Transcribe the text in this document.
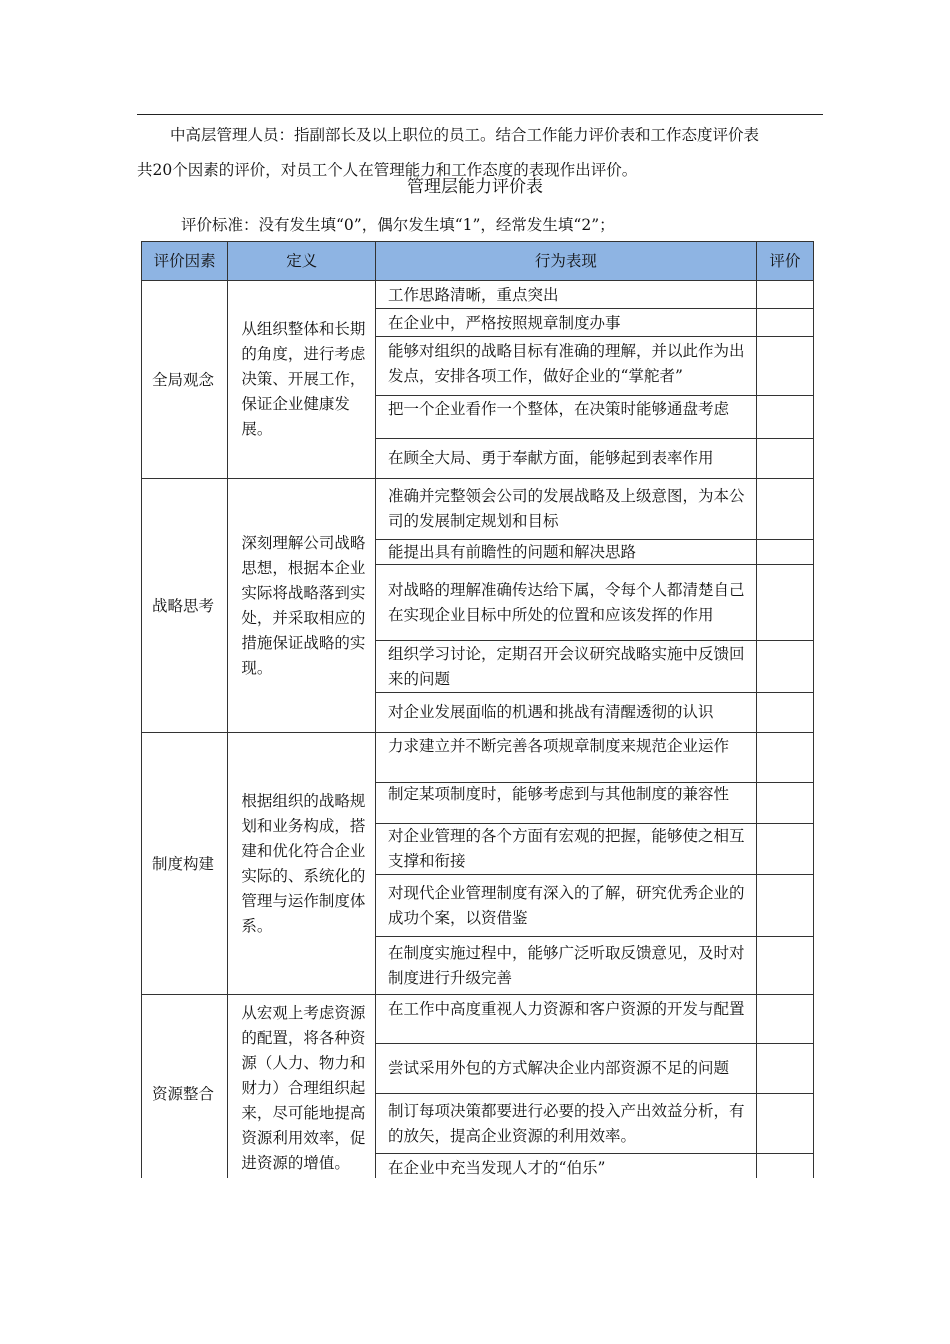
中高层管理人员：指副部长及以上职位的员工。结合工作能力评价表和工作态度评价表

共20个因素的评价，对员工个人在管理能力和工作态度的表现作出评价。

管理层能力评价表
评价标准：没有发生填“0”，偶尔发生填“1”，经常发生填“2”；
评价因素	定义	行为表现	评价
全局观念	从组织整体和长期的角度，进行考虑决策、开展工作，保证企业健康发展。	工作思路清晰，重点突出	
		在企业中，严格按照规章制度办事	

		能够对组织的战略目标有准确的理解，并以此作为出发点，安排各项工作，做好企业的“掌舵者”	

		把一个企业看作一个整体，在决策时能够通盘考虑	

		在顾全大局、勇于奉献方面，能够起到表率作用	
战略思考	深刻理解公司战略思想，根据本企业实际将战略落到实处，并采取相应的措施保证战略的实现。	准确并完整领会公司的发展战略及上级意图，为本公司的发展制定规划和目标	
		能提出具有前瞻性的问题和解决思路	
		对战略的理解准确传达给下属，令每个人都清楚自己在实现企业目标中所处的位置和应该发挥的作用	
		组织学习讨论，定期召开会议研究战略实施中反馈回来的问题	
		对企业发展面临的机遇和挑战有清醒透彻的认识	
制度构建	根据组织的战略规划和业务构成，搭建和优化符合企业实际的、系统化的管理与运作制度体系。	力求建立并不断完善各项规章制度来规范企业运作	

		制定某项制度时，能够考虑到与其他制度的兼容性	

		对企业管理的各个方面有宏观的把握，能够使之相互支撑和衔接	
		对现代企业管理制度有深入的了解，研究优秀企业的成功个案，以资借鉴	
		在制度实施过程中，能够广泛听取反馈意见，及时对制度进行升级完善	
资源整合	从宏观上考虑资源的配置，将各种资源（人力、物力和财力）合理组织起来，尽可能地提高资源利用效率，促进资源的增值。	在工作中高度重视人力资源和客户资源的开发与配置	
		尝试采用外包的方式解决企业内部资源不足的问题	
		制订每项决策都要进行必要的投入产出效益分析，有的放矢，提高企业资源的利用效率。	
		在企业中充当发现人才的“伯乐”	
